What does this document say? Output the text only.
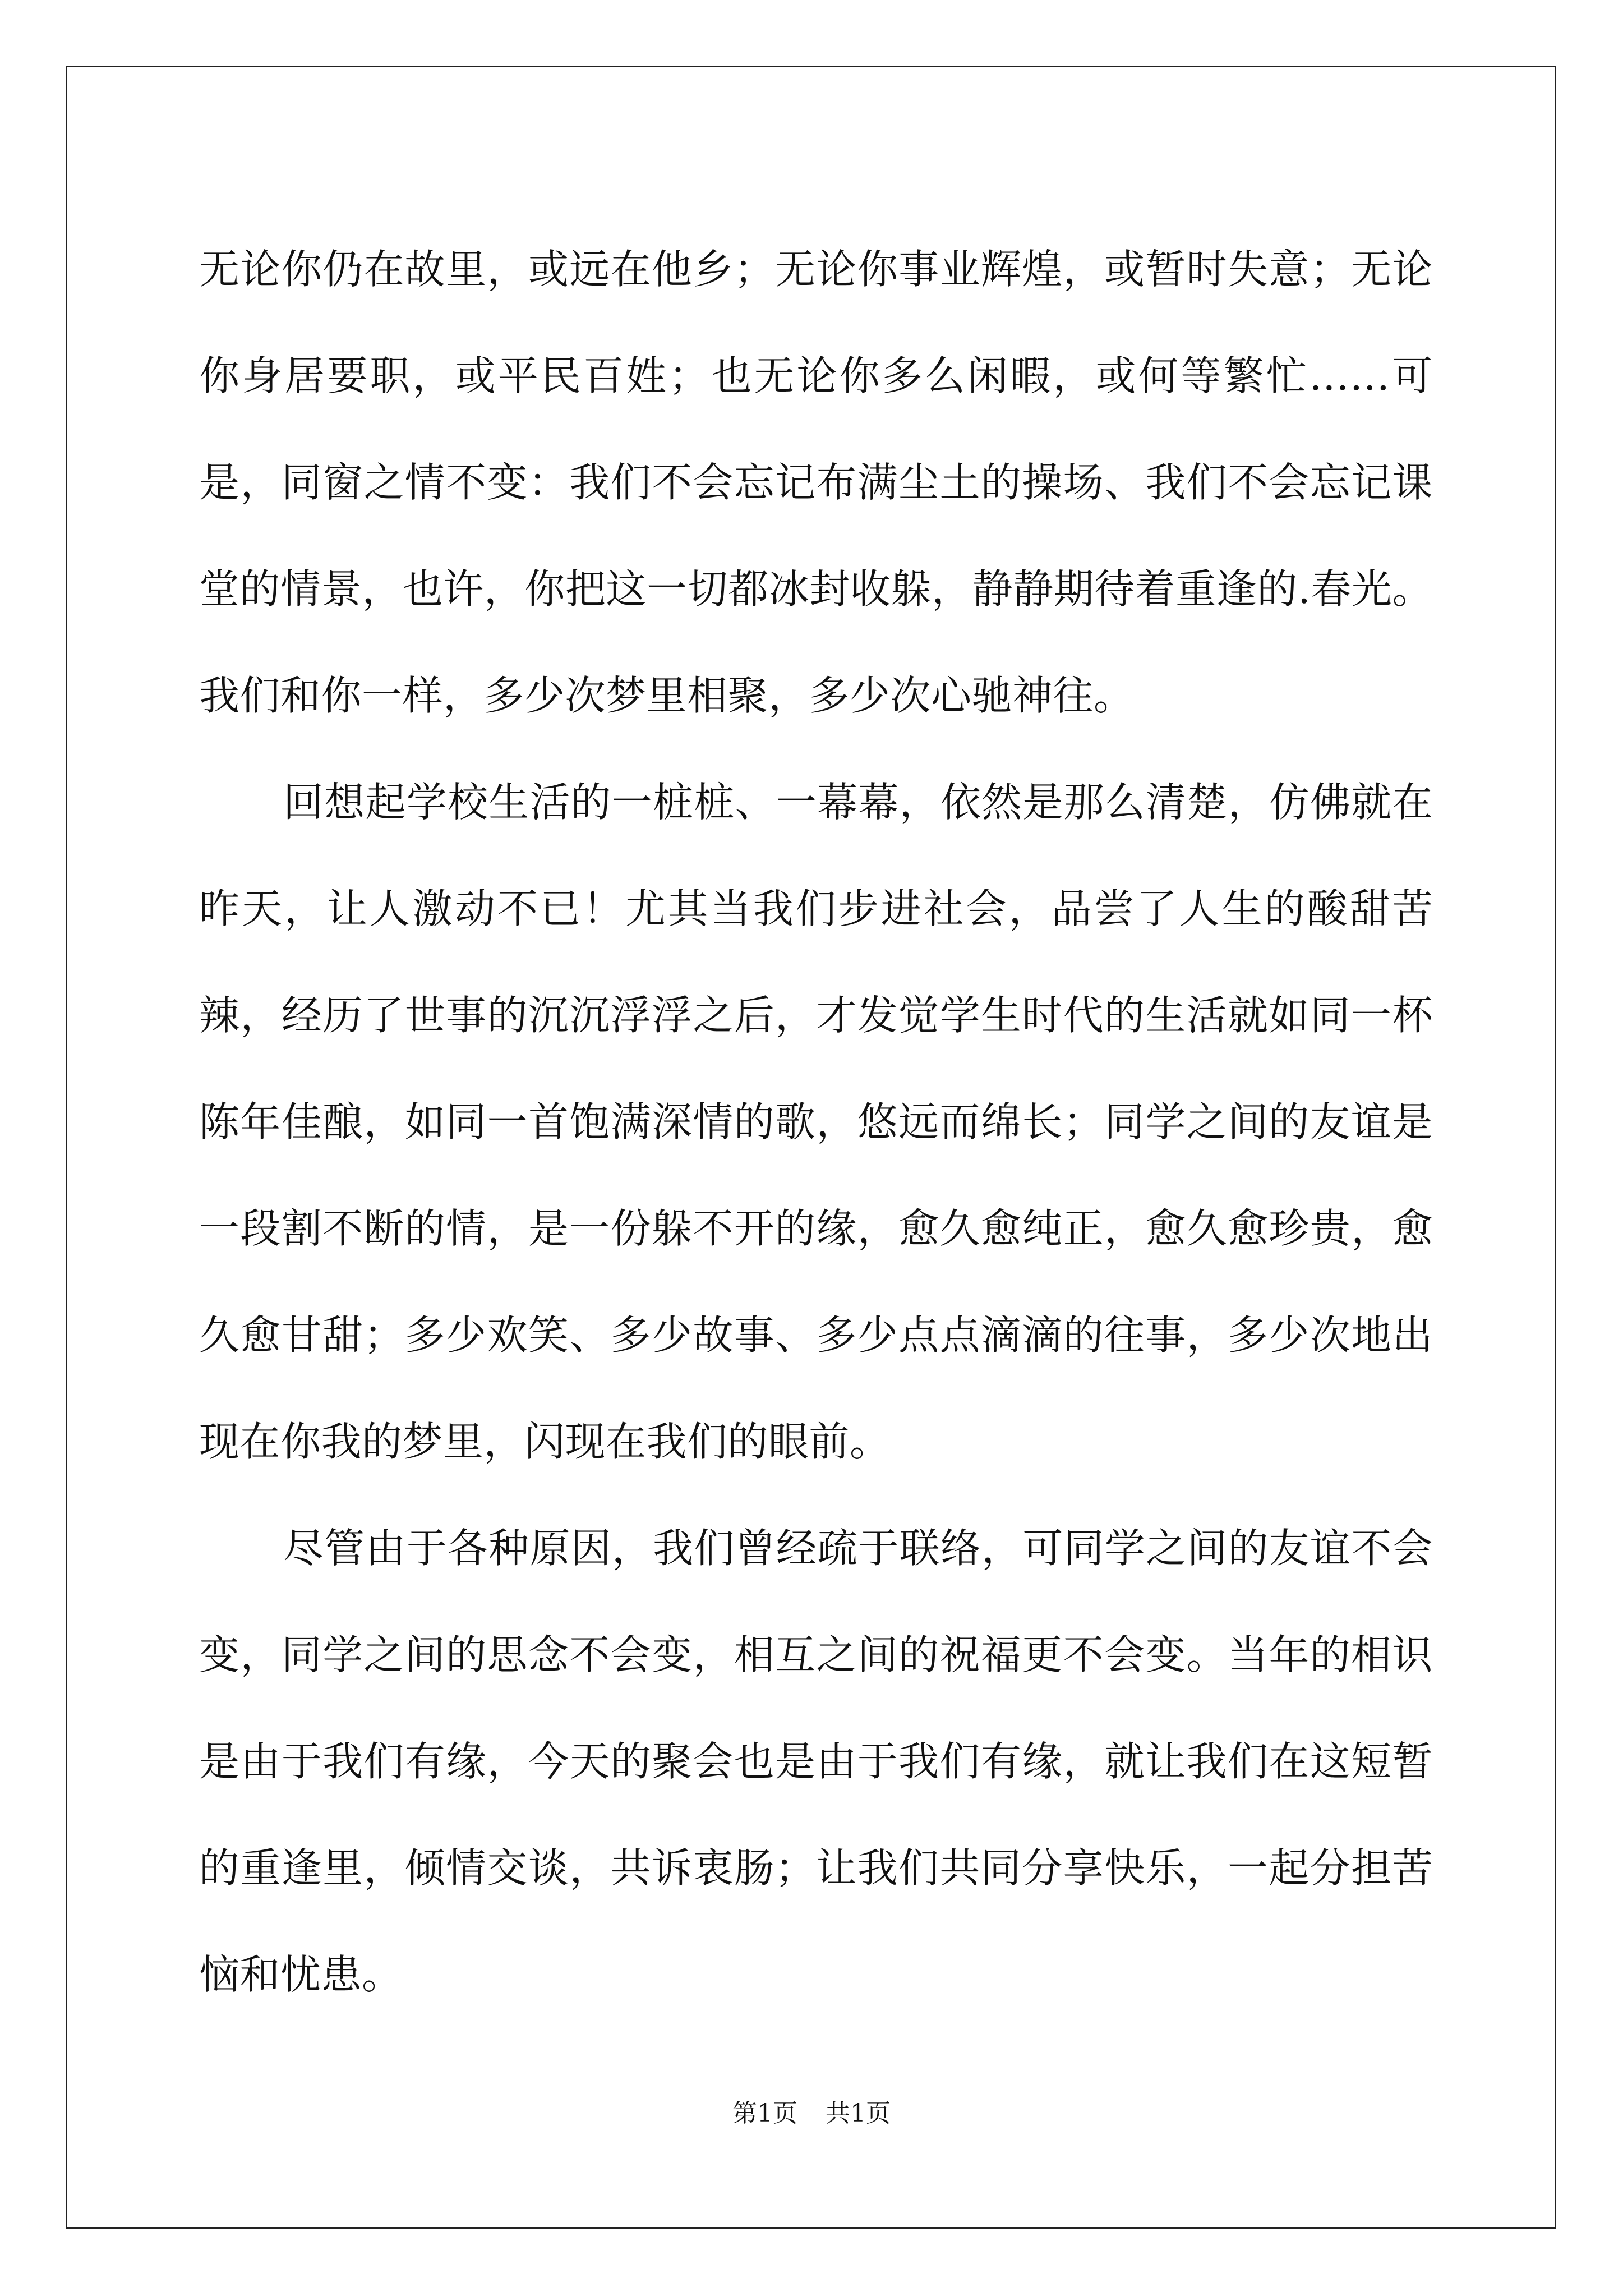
无论你仍在故里，或远在他乡；无论你事业辉煌，或暂时失意；无论你身居要职，或平民百姓；也无论你多么闲暇，或何等繁忙……可是，同窗之情不变：我们不会忘记布满尘土的操场、我们不会忘记课堂的情景，也许，你把这一切都冰封收躲，静静期待着重逢的.春光。我们和你一样，多少次梦里相聚，多少次心驰神往。

回想起学校生活的一桩桩、一幕幕，依然是那么清楚，仿佛就在昨天，让人激动不已！尤其当我们步进社会，品尝了人生的酸甜苦辣，经历了世事的沉沉浮浮之后，才发觉学生时代的生活就如同一杯陈年佳酿，如同一首饱满深情的歌，悠远而绵长；同学之间的友谊是一段割不断的情，是一份躲不开的缘，愈久愈纯正，愈久愈珍贵，愈久愈甘甜；多少欢笑、多少故事、多少点点滴滴的往事，多少次地出现在你我的梦里，闪现在我们的眼前。

尽管由于各种原因，我们曾经疏于联络，可同学之间的友谊不会变，同学之间的思念不会变，相互之间的祝福更不会变。当年的相识是由于我们有缘，今天的聚会也是由于我们有缘，就让我们在这短暂的重逢里，倾情交谈，共诉衷肠；让我们共同分享快乐，一起分担苦恼和忧患。

第1页 共1页
